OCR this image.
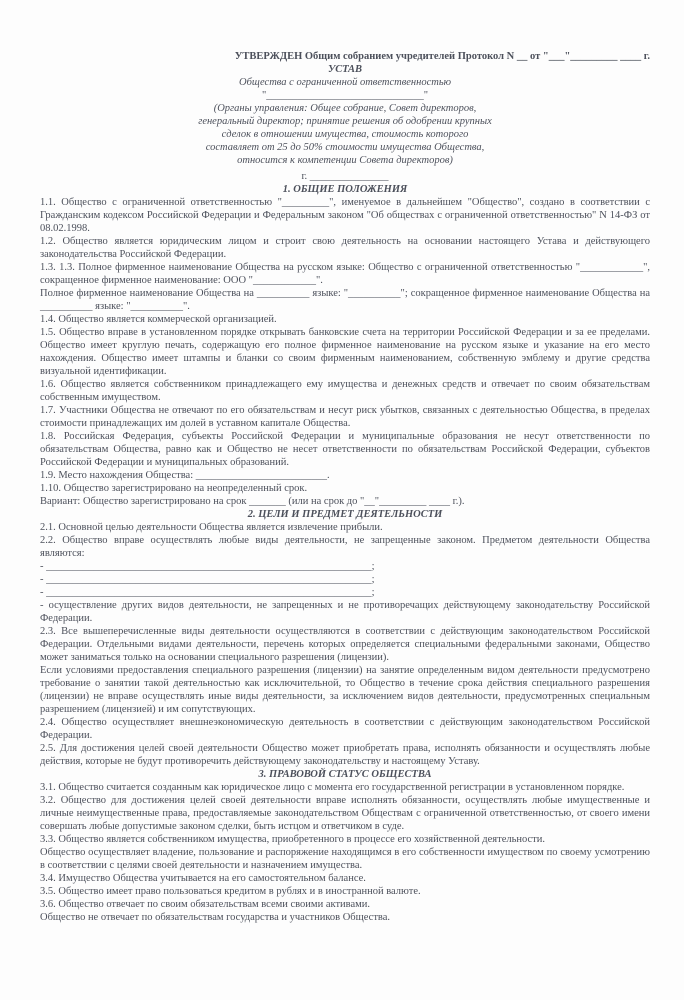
УТВЕРЖДЕН Общим собранием учредителей Протокол N __ от "___"_________ ____ г.
УСТАВ
Общества с ограниченной ответственностью
"______________________________"
(Органы управления: Общее собрание, Совет директоров,
генеральный директор; принятие решения об одобрении крупных
сделок в отношении имущества, стоимость которого
составляет от 25 до 50% стоимости имущества Общества,
относится к компетенции Совета директоров)
г. _______________
1. ОБЩИЕ ПОЛОЖЕНИЯ

1.1. Общество с ограниченной ответственностью "_________", именуемое в дальнейшем "Общество", создано в соответствии с Гражданским кодексом Российской Федерации и Федеральным законом "Об обществах с ограниченной ответственностью" N 14-ФЗ от 08.02.1998.

1.2. Общество является юридическим лицом и строит свою деятельность на основании настоящего Устава и действующего законодательства Российской Федерации.

1.3. 1.3. Полное фирменное наименование Общества на русском языке: Общество с ограниченной ответственностью "____________", сокращенное фирменное наименование: ООО "____________".

Полное фирменное наименование Общества на __________ языке: "__________"; сокращенное фирменное наименование Общества на __________ языке: "__________".

1.4. Общество является коммерческой организацией.

1.5. Общество вправе в установленном порядке открывать банковские счета на территории Российской Федерации и за ее пределами. Общество имеет круглую печать, содержащую его полное фирменное наименование на русском языке и указание на его место нахождения. Общество имеет штампы и бланки со своим фирменным наименованием, собственную эмблему и другие средства визуальной идентификации.

1.6. Общество является собственником принадлежащего ему имущества и денежных средств и отвечает по своим обязательствам собственным имуществом.

1.7. Участники Общества не отвечают по его обязательствам и несут риск убытков, связанных с деятельностью Общества, в пределах стоимости принадлежащих им долей в уставном капитале Общества.

1.8. Российская Федерация, субъекты Российской Федерации и муниципальные образования не несут ответственности по обязательствам Общества, равно как и Общество не несет ответственности по обязательствам Российской Федерации, субъектов Российской Федерации и муниципальных образований.

1.9. Место нахождения Общества: _________________________.

1.10. Общество зарегистрировано на неопределенный срок.

Вариант: Общество зарегистрировано на срок _______ (или на срок до "__"_________ ____ г.).

2. ЦЕЛИ И ПРЕДМЕТ ДЕЯТЕЛЬНОСТИ

2.1. Основной целью деятельности Общества является извлечение прибыли.

2.2. Общество вправе осуществлять любые виды деятельности, не запрещенные законом. Предметом деятельности Общества являются:

- ______________________________________________________________;

- ______________________________________________________________;

- ______________________________________________________________;

- осуществление других видов деятельности, не запрещенных и не противоречащих действующему законодательству Российской Федерации.

2.3. Все вышеперечисленные виды деятельности осуществляются в соответствии с действующим законодательством Российской Федерации. Отдельными видами деятельности, перечень которых определяется специальными федеральными законами, Общество может заниматься только на основании специального разрешения (лицензии).

Если условиями предоставления специального разрешения (лицензии) на занятие определенным видом деятельности предусмотрено требование о занятии такой деятельностью как исключительной, то Общество в течение срока действия специального разрешения (лицензии) не вправе осуществлять иные виды деятельности, за исключением видов деятельности, предусмотренных специальным разрешением (лицензией) и им сопутствующих.

2.4. Общество осуществляет внешнеэкономическую деятельность в соответствии с действующим законодательством Российской Федерации.

2.5. Для достижения целей своей деятельности Общество может приобретать права, исполнять обязанности и осуществлять любые действия, которые не будут противоречить действующему законодательству и настоящему Уставу.

3. ПРАВОВОЙ СТАТУС ОБЩЕСТВА

3.1. Общество считается созданным как юридическое лицо с момента его государственной регистрации в установленном порядке.

3.2. Общество для достижения целей своей деятельности вправе исполнять обязанности, осуществлять любые имущественные и личные неимущественные права, предоставляемые законодательством Обществам с ограниченной ответственностью, от своего имени совершать любые допустимые законом сделки, быть истцом и ответчиком в суде.

3.3. Общество является собственником имущества, приобретенного в процессе его хозяйственной деятельности.

Общество осуществляет владение, пользование и распоряжение находящимся в его собственности имуществом по своему усмотрению в соответствии с целями своей деятельности и назначением имущества.

3.4. Имущество Общества учитывается на его самостоятельном балансе.

3.5. Общество имеет право пользоваться кредитом в рублях и в иностранной валюте.

3.6. Общество отвечает по своим обязательствам всеми своими активами.

Общество не отвечает по обязательствам государства и участников Общества.
